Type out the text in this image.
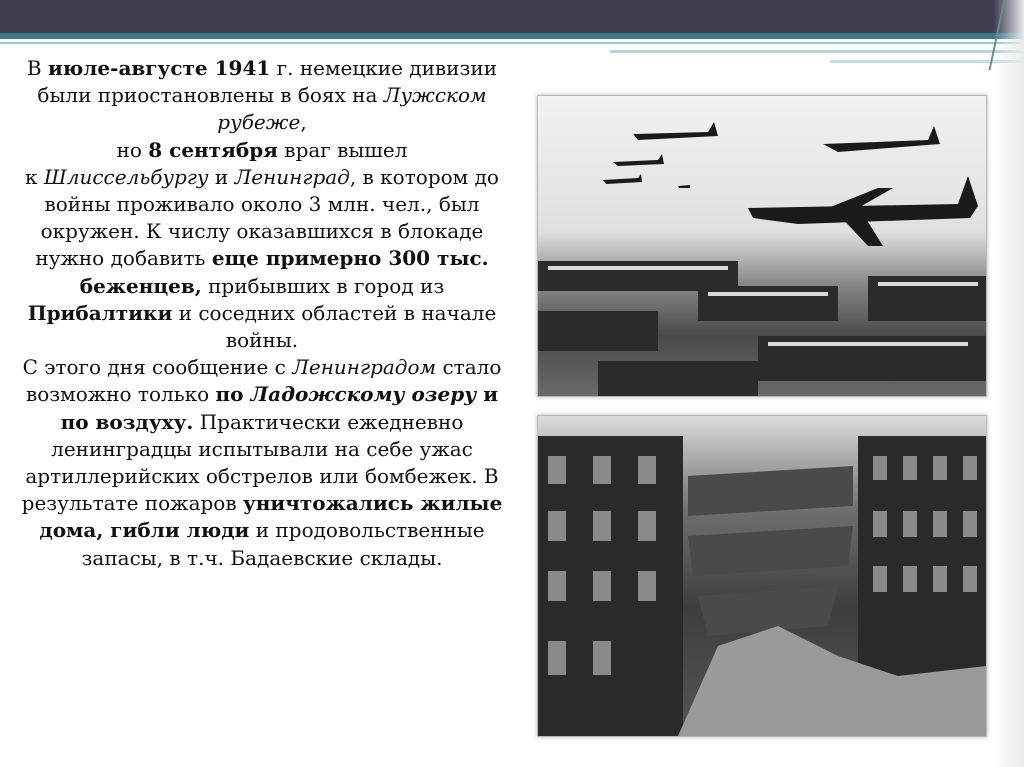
В июле-августе 1941 г. немецкие дивизии были приостановлены в боях на Лужском рубеже,
но 8 сентября враг вышел
к Шлиссельбургу и Ленинград, в котором до войны проживало около 3 млн. чел., был окружен. К числу оказавшихся в блокаде нужно добавить еще примерно 300 тыс. беженцев, прибывших в город из Прибалтики и соседних областей в начале войны.
С этого дня сообщение с Ленинградом стало возможно только по Ладожскому озеру и по воздуху. Практически ежедневно ленинградцы испытывали на себе ужас артиллерийских обстрелов или бомбежек. В результате пожаров уничтожались жилые дома, гибли люди и продовольственные запасы, в т.ч. Бадаевские склады.
